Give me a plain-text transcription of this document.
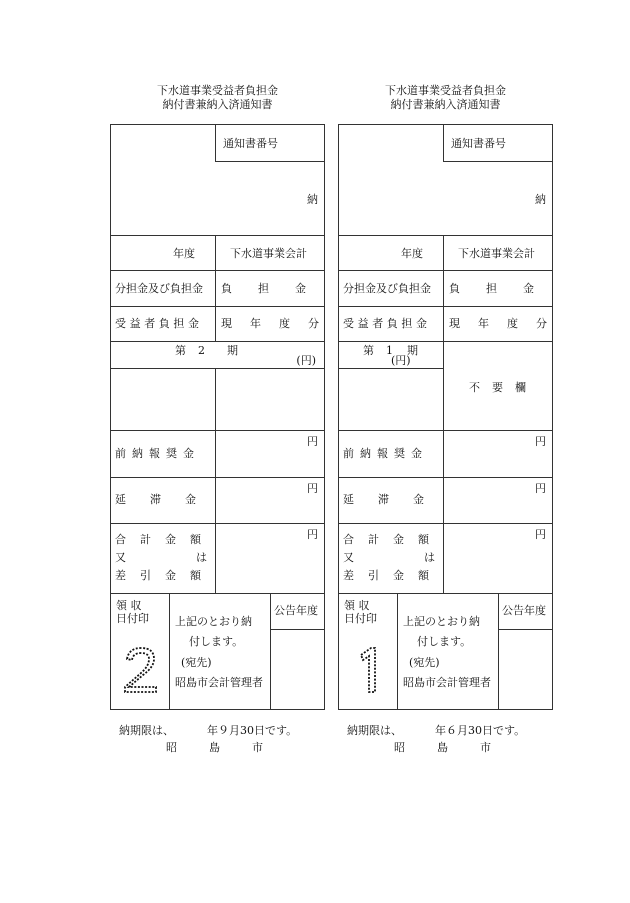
下水道事業受益者負担金
納付書兼納入済通知書
通知書番号
納
年度	下水道事業会計
分担金及び負担金 負担金
受益者負担金 現年度分
第 2 期
(円)
前納報奨金
円
延滞金
円
合計金額
又は
差引金額
円
領 収
日付印 上記のとおり納
付します。
(宛先)
昭島市会計管理者
公告年度
納期限は、	年９月30日です。
昭島市
下水道事業受益者負担金
納付書兼納入済通知書
通知書番号
納
年度	下水道事業会計
分担金及び負担金 負担金
受益者負担金 現年度分
第 1 期
(円)
不要欄
前納報奨金
円
延滞金
円
合計金額
又は
差引金額
円
領 収
日付印 上記のとおり納
付します。
(宛先)
昭島市会計管理者
公告年度
納期限は、	年６月30日です。
昭島市
